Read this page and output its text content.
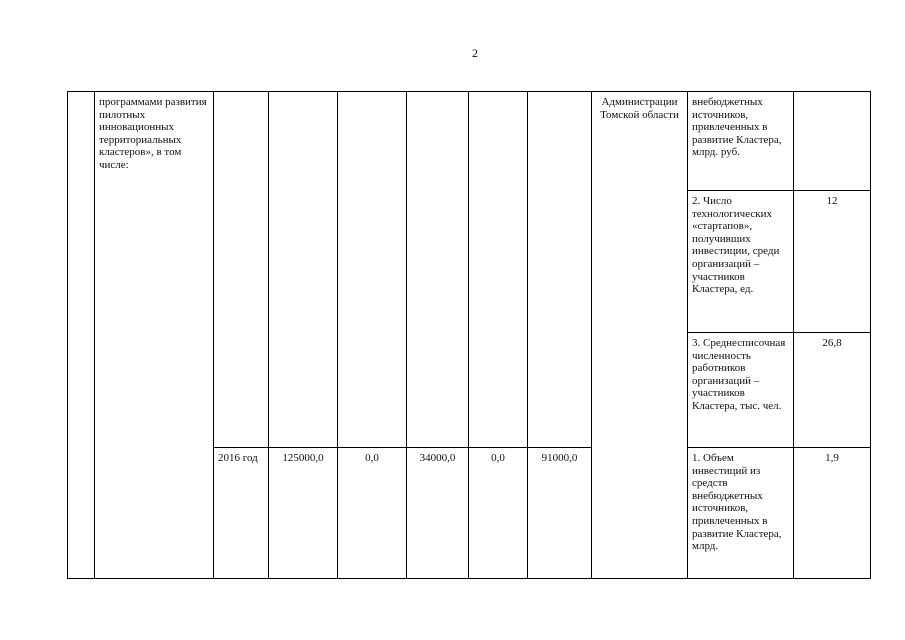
2
	программами развития пилотных инновационных территориальных кластеров», в том числе:							Администрации Томской области	внебюджетных источников, привлеченных в развитие Кластера, млрд. руб.	
									2. Число технологических «стартапов», получивших инвестиции, среди организаций – участников Кластера, ед.	12
									3. Среднесписочная численность работников организаций – участников Кластера, тыс. чел.	26,8
		2016 год	125000,0	0,0	34000,0	0,0	91000,0		1. Объем инвестиций из средств внебюджетных источников, привлеченных в развитие Кластера, млрд.	1,9
